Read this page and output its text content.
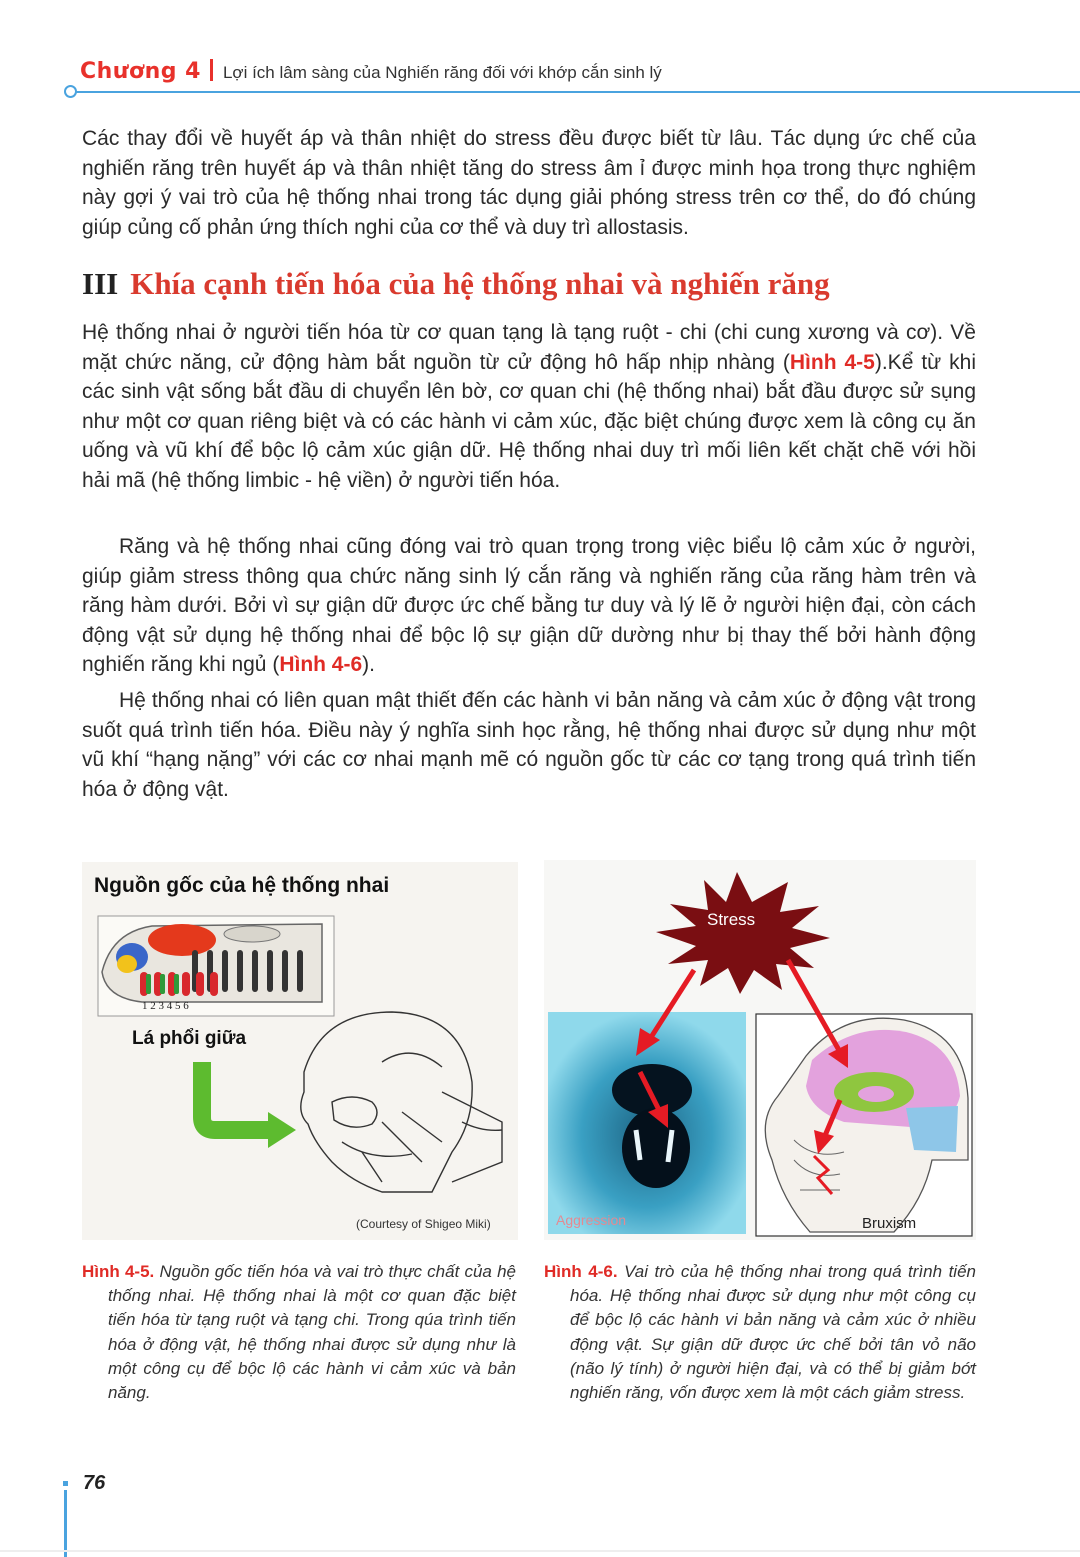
Chương 4 Lợi ích lâm sàng của Nghiến răng đối với khớp cắn sinh lý
Các thay đổi về huyết áp và thân nhiệt do stress đều được biết từ lâu. Tác dụng ức chế của nghiến răng trên huyết áp và thân nhiệt tăng do stress âm ỉ được minh họa trong thực nghiệm này gợi ý vai trò của hệ thống nhai trong tác dụng giải phóng stress trên cơ thể, do đó chúng giúp củng cố phản ứng thích nghi của cơ thể và duy trì allostasis.
III Khía cạnh tiến hóa của hệ thống nhai và nghiến răng
Hệ thống nhai ở người tiến hóa từ cơ quan tạng là tạng ruột - chi (chi cung xương và cơ). Về mặt chức năng, cử động hàm bắt nguồn từ cử động hô hấp nhịp nhàng (Hình 4-5).Kể từ khi các sinh vật sống bắt đầu di chuyển lên bờ, cơ quan chi (hệ thống nhai) bắt đầu được sử sụng như một cơ quan riêng biệt và có các hành vi cảm xúc, đặc biệt chúng được xem là công cụ ăn uống và vũ khí để bộc lộ cảm xúc giận dữ. Hệ thống nhai duy trì mối liên kết chặt chẽ với hồi hải mã (hệ thống limbic - hệ viền) ở người tiến hóa.
Răng và hệ thống nhai cũng đóng vai trò quan trọng trong việc biểu lộ cảm xúc ở người, giúp giảm stress thông qua chức năng sinh lý cắn răng và nghiến răng của răng hàm trên và răng hàm dưới. Bởi vì sự giận dữ được ức chế bằng tư duy và lý lẽ ở người hiện đại, còn cách động vật sử dụng hệ thống nhai để bộc lộ sự giận dữ dường như bị thay thế bởi hành động nghiến răng khi ngủ (Hình 4-6).
Hệ thống nhai có liên quan mật thiết đến các hành vi bản năng và cảm xúc ở động vật trong suốt quá trình tiến hóa. Điều này ý nghĩa sinh học rằng, hệ thống nhai được sử dụng như một vũ khí “hạng nặng” với các cơ nhai mạnh mẽ có nguồn gốc từ các cơ tạng trong quá trình tiến hóa ở động vật.
1 2 3 4 5 6
Nguồn gốc của hệ thống nhai
Lá phổi giữa
(Courtesy of Shigeo Miki)
Stress
Aggression	Bruxism
Hình 4-5. Nguồn gốc tiến hóa và vai trò thực chất của hệ thống nhai. Hệ thống nhai là một cơ quan đặc biệt tiến hóa từ tạng ruột và tạng chi. Trong qúa trình tiến hóa ở động vật, hệ thống nhai được sử dụng như là một công cụ để bộc lộ các hành vi cảm xúc và bản năng.
Hình 4-6. Vai trò của hệ thống nhai trong quá trình tiến hóa. Hệ thống nhai được sử dụng như một công cụ để bộc lộ các hành vi bản năng và cảm xúc ở nhiều động vật. Sự giận dữ được ức chế bởi tân vỏ não (não lý tính) ở người hiện đại, và có thể bị giảm bớt nghiến răng, vốn được xem là một cách giảm stress.
76
